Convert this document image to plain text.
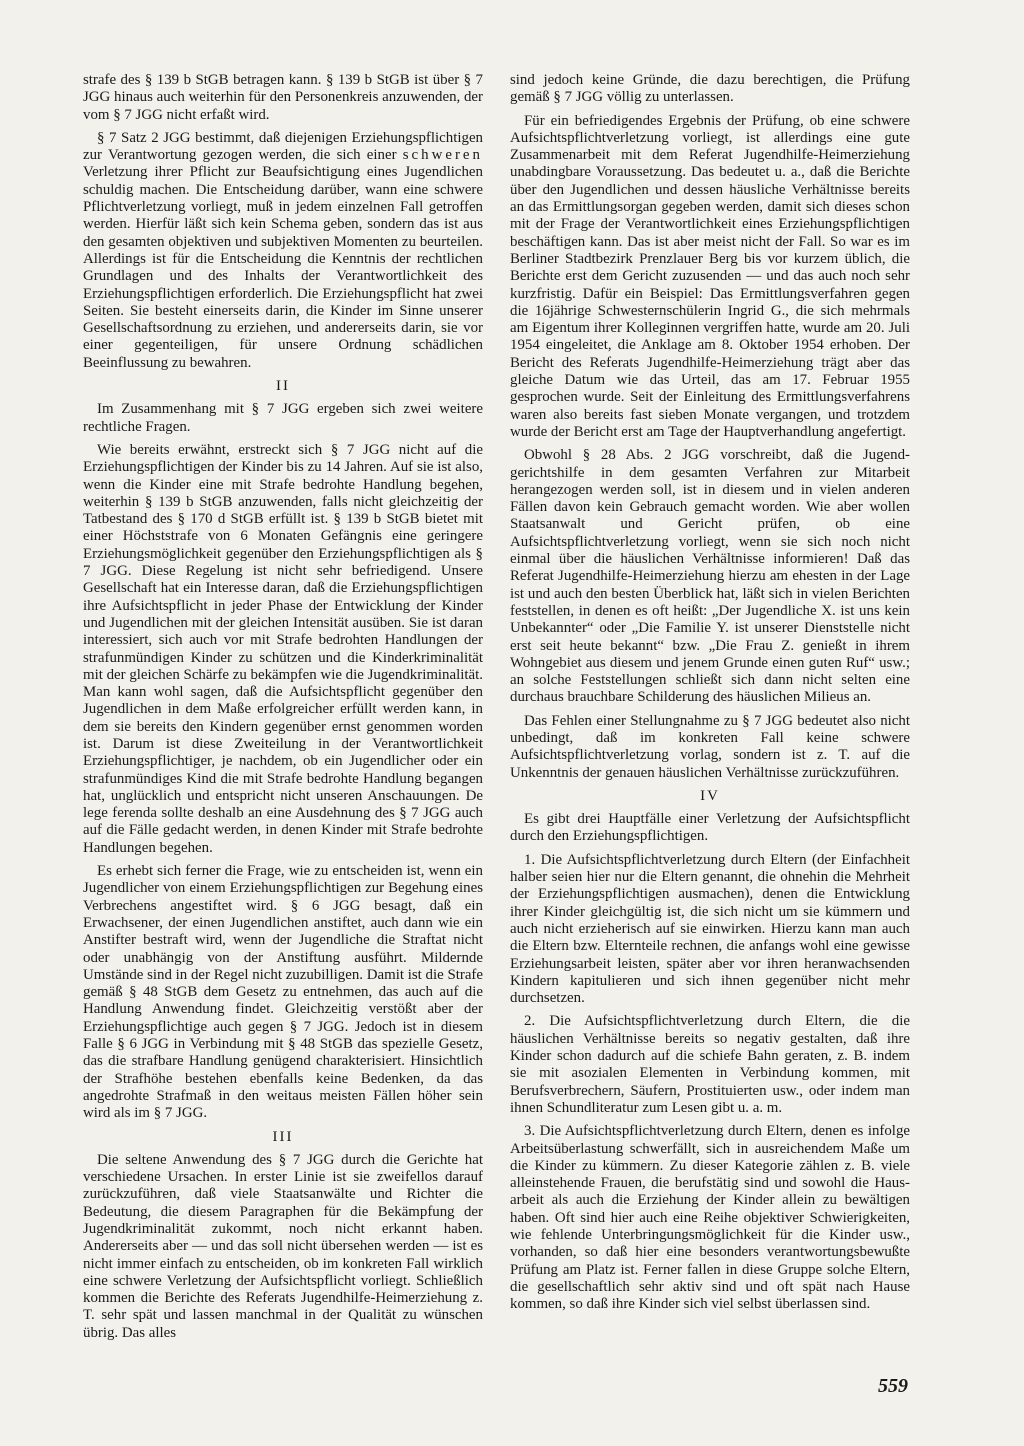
strafe des § 139 b StGB betragen kann. § 139 b StGB ist über § 7 JGG hinaus auch weiterhin für den Personenkreis anzuwenden, der vom § 7 JGG nicht erfaßt wird.

§ 7 Satz 2 JGG bestimmt, daß diejenigen Erziehungspflichtigen zur Verantwortung gezogen werden, die sich einer schweren Verletzung ihrer Pflicht zur Beaufsichtigung eines Jugendlichen schuldig machen. Die Entscheidung darüber, wann eine schwere Pflichtverletzung vorliegt, muß in jedem einzelnen Fall getroffen werden. Hierfür läßt sich kein Schema geben, sondern das ist aus den gesamten objektiven und subjektiven Momenten zu beurteilen. Allerdings ist für die Entscheidung die Kenntnis der rechtlichen Grundlagen und des Inhalts der Verantwortlichkeit des Erziehungspflichtigen erforderlich. Die Erziehungspflicht hat zwei Seiten. Sie besteht einerseits darin, die Kinder im Sinne unserer Gesellschaftsordnung zu erziehen, und andererseits darin, sie vor einer gegenteiligen, für unsere Ordnung schädlichen Beeinflussung zu bewahren.

II

Im Zusammenhang mit § 7 JGG ergeben sich zwei weitere rechtliche Fragen.

Wie bereits erwähnt, erstreckt sich § 7 JGG nicht auf die Erziehungspflichtigen der Kinder bis zu 14 Jahren. Auf sie ist also, wenn die Kinder eine mit Strafe bedrohte Handlung begehen, weiterhin § 139 b StGB anzuwenden, falls nicht gleichzeitig der Tatbestand des § 170 d StGB erfüllt ist. § 139 b StGB bietet mit einer Höchststrafe von 6 Monaten Gefängnis eine geringere Erziehungsmöglichkeit gegenüber den Erziehungspflichtigen als § 7 JGG. Diese Regelung ist nicht sehr befriedigend. Unsere Gesellschaft hat ein Interesse daran, daß die Erziehungspflichtigen ihre Aufsichtspflicht in jeder Phase der Entwicklung der Kinder und Jugendlichen mit der gleichen Intensität ausüben. Sie ist daran interessiert, sich auch vor mit Strafe bedrohten Handlungen der strafunmündigen Kinder zu schützen und die Kinderkriminalität mit der gleichen Schärfe zu bekämpfen wie die Jugendkriminalität. Man kann wohl sagen, daß die Aufsichtspflicht gegenüber den Jugendlichen in dem Maße erfolgreicher erfüllt werden kann, in dem sie bereits den Kindern gegenüber ernst genommen worden ist. Darum ist diese Zweiteilung in der Verantwortlichkeit Erziehungspflichtiger, je nachdem, ob ein Jugendlicher oder ein strafunmündiges Kind die mit Strafe bedrohte Handlung begangen hat, unglücklich und entspricht nicht unseren Anschauungen. De lege ferenda sollte deshalb an eine Ausdehnung des § 7 JGG auch auf die Fälle gedacht werden, in denen Kinder mit Strafe bedrohte Handlungen begehen.

Es erhebt sich ferner die Frage, wie zu entscheiden ist, wenn ein Jugendlicher von einem Erziehungspflichtigen zur Begehung eines Verbrechens angestiftet wird. § 6 JGG besagt, daß ein Erwachsener, der einen Jugendlichen anstiftet, auch dann wie ein Anstifter bestraft wird, wenn der Jugendliche die Straftat nicht oder unabhängig von der Anstiftung ausführt. Mildernde Umstände sind in der Regel nicht zuzubilligen. Damit ist die Strafe gemäß § 48 StGB dem Gesetz zu entnehmen, das auch auf die Handlung Anwendung findet. Gleichzeitig verstößt aber der Erziehungspflichtige auch gegen § 7 JGG. Jedoch ist in diesem Falle § 6 JGG in Verbindung mit § 48 StGB das spezielle Gesetz, das die strafbare Handlung genügend charakterisiert. Hinsichtlich der Strafhöhe bestehen ebenfalls keine Bedenken, da das angedrohte Strafmaß in den weitaus meisten Fällen höher sein wird als im § 7 JGG.

III

Die seltene Anwendung des § 7 JGG durch die Gerichte hat verschiedene Ursachen. In erster Linie ist sie zweifellos darauf zurückzuführen, daß viele Staatsanwälte und Richter die Bedeutung, die diesem Paragraphen für die Bekämpfung der Jugendkriminalität zukommt, noch nicht erkannt haben. Andererseits aber — und das soll nicht übersehen werden — ist es nicht immer einfach zu entscheiden, ob im konkreten Fall wirklich eine schwere Verletzung der Aufsichtspflicht vorliegt. Schließlich kommen die Berichte des Referats Jugendhilfe-Heimerziehung z. T. sehr spät und lassen manchmal in der Qualität zu wünschen übrig. Das alles

sind jedoch keine Gründe, die dazu berechtigen, die Prüfung gemäß § 7 JGG völlig zu unterlassen.

Für ein befriedigendes Ergebnis der Prüfung, ob eine schwere Aufsichtspflichtverletzung vorliegt, ist allerdings eine gute Zusammenarbeit mit dem Referat Jugendhilfe-Heimerziehung unabdingbare Voraussetzung. Das bedeutet u. a., daß die Berichte über den Jugendlichen und dessen häusliche Verhältnisse bereits an das Ermittlungsorgan gegeben werden, damit sich dieses schon mit der Frage der Verantwortlichkeit eines Erziehungspflichtigen beschäftigen kann. Das ist aber meist nicht der Fall. So war es im Berliner Stadtbezirk Prenzlauer Berg bis vor kurzem üblich, die Berichte erst dem Gericht zuzusenden — und das auch noch sehr kurzfristig. Dafür ein Beispiel: Das Ermittlungsverfahren gegen die 16jährige Schwesternschülerin Ingrid G., die sich mehrmals am Eigentum ihrer Kolleginnen vergriffen hatte, wurde am 20. Juli 1954 eingeleitet, die Anklage am 8. Oktober 1954 erhoben. Der Bericht des Referats Jugendhilfe-Heimerziehung trägt aber das gleiche Datum wie das Urteil, das am 17. Februar 1955 gesprochen wurde. Seit der Einleitung des Ermittlungsverfahrens waren also bereits fast sieben Monate vergangen, und trotzdem wurde der Bericht erst am Tage der Hauptverhandlung angefertigt.

Obwohl § 28 Abs. 2 JGG vorschreibt, daß die Jugendgerichtshilfe in dem gesamten Verfahren zur Mitarbeit herangezogen werden soll, ist in diesem und in vielen anderen Fällen davon kein Gebrauch gemacht worden. Wie aber wollen Staatsanwalt und Gericht prüfen, ob eine Aufsichtspflichtverletzung vorliegt, wenn sie sich noch nicht einmal über die häuslichen Verhältnisse informieren! Daß das Referat Jugendhilfe-Heimerziehung hierzu am ehesten in der Lage ist und auch den besten Überblick hat, läßt sich in vielen Berichten feststellen, in denen es oft heißt: „Der Jugendliche X. ist uns kein Unbekannter“ oder „Die Familie Y. ist unserer Dienststelle nicht erst seit heute bekannt“ bzw. „Die Frau Z. genießt in ihrem Wohngebiet aus diesem und jenem Grunde einen guten Ruf“ usw.; an solche Feststellungen schließt sich dann nicht selten eine durchaus brauchbare Schilderung des häuslichen Milieus an.

Das Fehlen einer Stellungnahme zu § 7 JGG bedeutet also nicht unbedingt, daß im konkreten Fall keine schwere Aufsichtspflichtverletzung vorlag, sondern ist z. T. auf die Unkenntnis der genauen häuslichen Verhältnisse zurückzuführen.

IV

Es gibt drei Hauptfälle einer Verletzung der Aufsichtspflicht durch den Erziehungspflichtigen.

1. Die Aufsichtspflichtverletzung durch Eltern (der Einfachheit halber seien hier nur die Eltern genannt, die ohnehin die Mehrheit der Erziehungspflichtigen ausmachen), denen die Entwicklung ihrer Kinder gleichgültig ist, die sich nicht um sie kümmern und auch nicht erzieherisch auf sie einwirken. Hierzu kann man auch die Eltern bzw. Elternteile rechnen, die anfangs wohl eine gewisse Erziehungsarbeit leisten, später aber vor ihren heranwachsenden Kindern kapitulieren und sich ihnen gegenüber nicht mehr durchsetzen.

2. Die Aufsichtspflichtverletzung durch Eltern, die die häuslichen Verhältnisse bereits so negativ gestalten, daß ihre Kinder schon dadurch auf die schiefe Bahn geraten, z. B. indem sie mit asozialen Elementen in Verbindung kommen, mit Berufsverbrechern, Säufern, Prostituierten usw., oder indem man ihnen Schundliteratur zum Lesen gibt u. a. m.

3. Die Aufsichtspflichtverletzung durch Eltern, denen es infolge Arbeitsüberlastung schwerfällt, sich in ausreichendem Maße um die Kinder zu kümmern. Zu dieser Kategorie zählen z. B. viele alleinstehende Frauen, die berufstätig sind und sowohl die Hausarbeit als auch die Erziehung der Kinder allein zu bewältigen haben. Oft sind hier auch eine Reihe objektiver Schwierigkeiten, wie fehlende Unterbringungsmöglichkeit für die Kinder usw., vorhanden, so daß hier eine besonders verantwortungsbewußte Prüfung am Platz ist. Ferner fallen in diese Gruppe solche Eltern, die gesellschaftlich sehr aktiv sind und oft spät nach Hause kommen, so daß ihre Kinder sich viel selbst überlassen sind.

559
